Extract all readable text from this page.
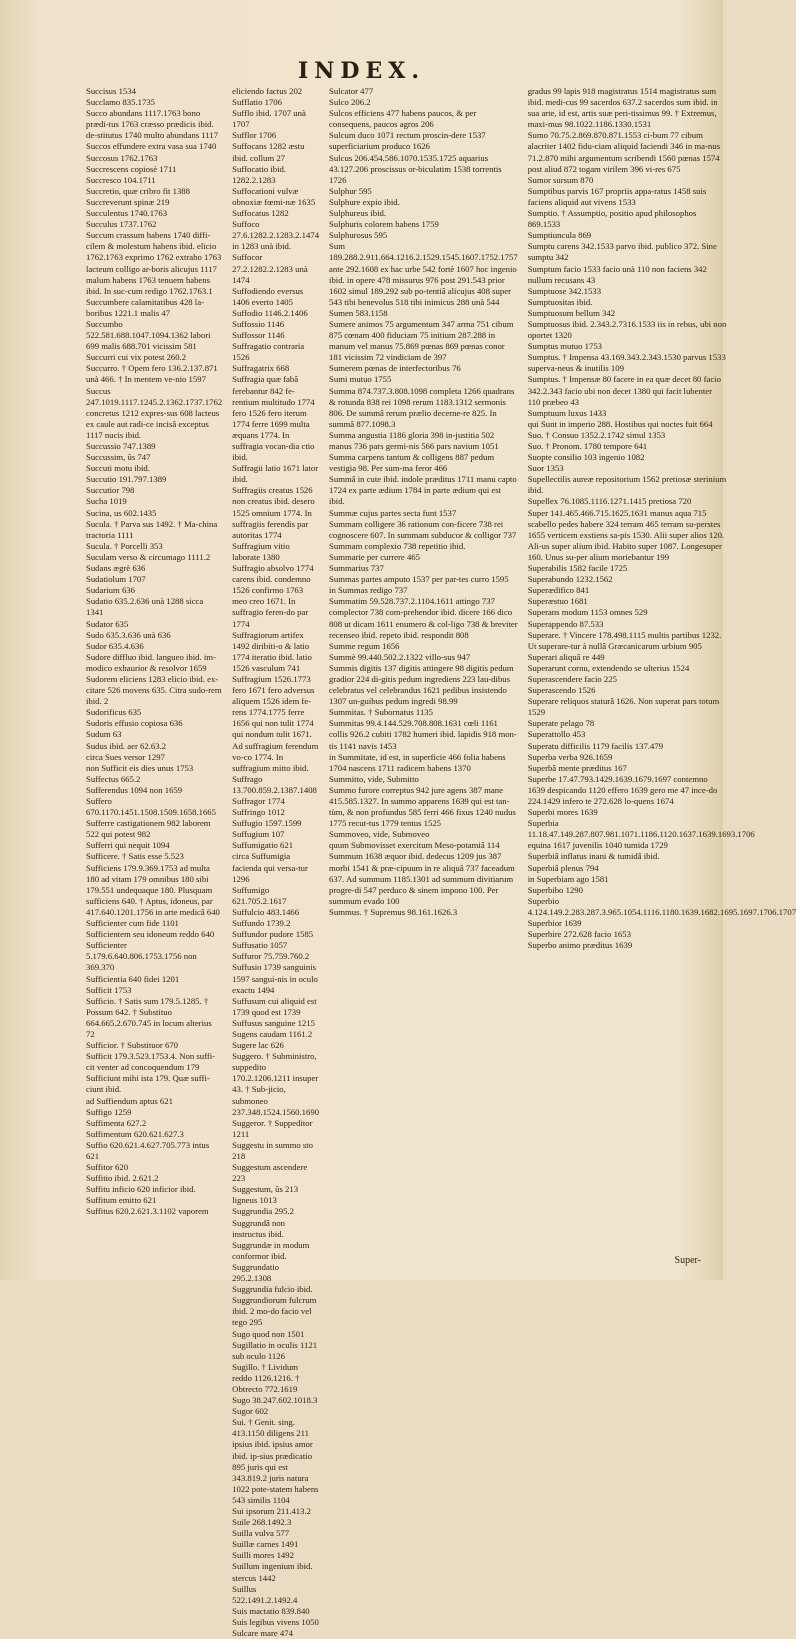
INDEX.

Succisus 1534

Succlamo 835.1735

Succo abundans 1117.1763 bono prædi-tus 1763 cræsso prædicis ibid. de-stitutus 1740 multo abundans 1117

Succos effundere extra vasa sua 1740

Succosus 1762.1763

Succrescens copiosè 1711

Succresco 104.1711

Succretio, quæ cribro fit 1388

Succreverunt spinæ 219

Succulentus 1740.1763

Succulus 1737.1762

Succum crassum habens 1740 diffi-cilem & molestum habens ibid. elicio 1762.1763 exprimo 1762 extraho 1763 lacteum colligo ar-boris alicujus 1117 malum habens 1763 tenuem habens ibid. In suc-cum redigo 1762.1763.1

Succumbere calamitatibus 428 la-boribus 1221.1 malis 47

Succumbo 522.581.688.1047.1094.1362 labori 699 malis 688.701 vicissim 581

Succurri cui vix potest 260.2

Succurro. † Opem fero 136.2.137.871 unà 466. † In mentem ve-nio 1597

Succus 247.1019.1117.1245.2.1362.1737.1762 concretus 1212 expres-sus 608 lacteus ex caule aut radi-ce incisâ exceptus 1117 nucis ibid.

Succussio 747.1389

Succussim, ûs 747

Succuti motu ibid.

Succutio 191.797.1389

Succutior 798

Sucha 1019

Sucina, us 602.1435

Sucula. † Parva sus 1492. † Ma-china tractoria 1111

Sucula. † Porcelli 353

Suculam verso & circumago 1111.2

Sudans ægrè 636

Sudatiolum 1707

Sudarium 636

Sudatio 635.2.636 unà 1288 sicca 1341

Sudator 635

Sudo 635.3.636 unà 636

Sudor 635.4.636

Sudore diffluo ibid. langueo ibid. im-modico exhaurior & resolvor 1659

Sudorem eliciens 1283 elicio ibid. ex-citare 526 movens 635. Citra sudo-rem ibid. 2

Sudorificus 635

Sudoris effusio copiosa 636

Sudum 63

Sudus ibid. aer 62.63.2

circa Sues versor 1297

non Sufficit eis dies unus 1753

Suffectus 665.2

Sufferendus 1094 non 1659

Suffero 670.1170.1451.1508.1509.1658.1665

Sufferre castigationem 982 laborem 522 qui potest 982

Sufferri qui nequit 1094

Sufficere. † Satis esse 5.523

Sufficiens 179.9.369.1753 ad multa 180 ad vitam 179 omnibus 180 sibi 179.551 undequaque 180. Plusquam sufficiens 640. † Aptus, idoneus, par 417.640.1201.1756 in arte medicâ 640

Sufficienter cum fide 1101

Sufficientem seu idoneum reddo 640

Sufficienter 5.179.6.640.806.1753.1756 non 369.370

Sufficientia 640 fidei 1201

Sufficit 1753

Sufficio. † Satis sum 179.5.1285. † Possum 642. † Substituo 664.665.2.670.745 in locum alterius 72

Sufficior. † Substituor 670

Sufficit 179.3.523.1753.4. Non suffi-cit venter ad concoquendum 179

Sufficiunt mihi ista 179. Quæ suffi-ciunt ibid.

ad Suffiendum aptus 621

Suffigo 1259

Suffimenta 627.2

Suffimentum 620.621.627.3

Suffio 620.621.4.627.705.773 intus 621

Suffitor 620

Suffitio ibid. 2.621.2

Suffitu inficio 620 inficior ibid.

Suffitum emitto 621

Suffitus 620.2.621.3.1102 vaporem

eliciendo factus 202

Sufflatio 1706

Sufflo ibid. 1707 unà 1707

Sufflor 1706

Suffocans 1282 æstu ibid. collum 27

Suffocatio ibid. 1282.2.1283

Suffocationi vulvæ obnoxiæ fœmi-næ 1635

Suffocatus 1282

Suffoco 27.6.1282.2.1283.2.1474 in 1283 unà ibid.

Suffocor 27.2.1282.2.1283 unà 1474

Suffodiendo eversus 1406 everto 1405

Suffodio 1146.2.1406

Suffossio 1146

Suffossor 1146

Suffragatio contraria 1526

Suffragatrix 668

Suffragia quæ fabâ ferebantur 842 fe-rentium multitudo 1774 fero 1526 fero iterum 1774 ferre 1699 multa æquans 1774. In suffragia vocan-dia ctio ibid.

Suffragii latio 1671 lator ibid.

Suffragiis creatus 1526 non creatus ibid. desero 1525 omnium 1774. In suffragiis ferendis par autoritas 1774

Suffragium vitio laborate 1380

Suffragio absolvo 1774 carens ibid. condemno 1526 confirmo 1763 meo creo 1671. In suffragio feren-do par 1774

Suffragiorum artifex 1492 diribiti-o & latio 1774 iteratio ibid. latio 1526 vasculum 741

Suffragium 1526.1773 fero 1671 fero adversus aliquem 1526 idem fe-rens 1774.1775 ferre 1656 qui non tulit 1774 qui nondum tulit 1671. Ad suffragium ferendum vo-co 1774. In suffragium mitto ibid.

Suffrago 13.700.859.2.1387.1408

Suffragor 1774

Suffringo 1012

Suffugio 1597.1599

Suffugium 107

Suffumigatio 621

circa Suffumigia facienda qui versa-tur 1296

Suffumigo 621.705.2.1617

Suffulcio 483.1466

Suffundo 1739.2

Suffundor pudore 1585

Suffusatio 1057

Suffuror 75.759.760.2

Suffusio 1739 sanguinis 1597 sangui-nis in oculo exactu 1494

Suffusum cui aliquid est 1739 quod est 1739

Suffusus sanguine 1215

Sugens caudam 1161.2

Sugere lac 626

Suggero. † Subministro, suppedito 170.2.1206.1211 insuper 43. † Sub-jicio, submoneo 237.348.1524.1560.1690

Suggeror. † Suppeditor 1211

Suggestu in summo sto 218

Suggestum ascendere 223

Suggestum, ûs 213 ligneus 1013

Suggrundia 295.2

Suggrundâ non instructus ibid.

Suggrundæ in modum conformor ibid.

Suggrundatio 295.2.1308

Suggrundia fulcio ibid.

Suggrundiorum fulcrum ibid. 2 mo-do facio vel tego 295

Sugo quod non 1501

Sugillatio in oculis 1121 sub oculo 1126

Sugillo. † Lividum reddo 1126.1216. † Obtrecto 772.1619

Sugo 38.247.602.1018.3

Sugor 602

Sui. † Genit. sing. 413.1150 diligens 211 ipsius ibid. ipsius amor ibid. ip-sius prædicatio 895 juris qui est 343.819.2 juris natura 1022 pote-statem habens 543 similis 1104

Sui ipsorum 211.413.2

Suile 268.1492.3

Suilla vulva 577

Suillæ carnes 1491

Suilli mores 1492

Suillum ingenium ibid. stercus 1442

Suillus 522.1491.2.1492.4

Suis mactatio 839.840

Suis legibus vivens 1050

Sulcare mare 474

Sulcator 477

Sulco 206.2

Sulcos efficiens 477 habens paucos, & per consequens, paucos agros 206

Sulcum duco 1071 rectum proscin-dere 1537 superficiarium produco 1626

Sulcus 206.454.586.1070.1535.1725 aquarius 43.127.206 proscissus or-biculatim 1538 torrentis 1726

Sulphur 595

Sulphure expio ibid.

Sulphureus ibid.

Sulphuris colorem habens 1759

Sulphurosus 595

Sum 189.288.2.911.664.1216.2.1529.1545.1607.1752.1757 ante 292.1608 ex hac urbe 542 fortè 1607 hoc ingenio ibid. in opere 478 missurus 976 post 291.543 prior 1602 simul 189.292 sub po-tentiâ alicujus 408 super 543 tibi benevolus 518 tibi inimicus 288 unà 544

Sumen 583.1158

Sumere animos 75 argumentum 347 arma 751 cibum 875 cœnam 400 fiduciam 75 initium 287.288 in manum vel manus 75.869 pœnas 869 pœnas conor 181 vicissim 72 vindiciam de 397

Sumerem pœnas de interfectoribus 76

Sumi mutuo 1755

Summa 874.737.3.808.1098 completa 1266 quadrans & rotunda 838 rei 1098 rerum 1183.1312 sermonis 806. De summâ rerum prælio decerne-re 825. In summâ 877.1098.3

Summa angustia 1186 gloria 398 in-justitia 502 manus 736 pars germi-nis 566 pars navium 1051

Summa carpens tantum & colligens 887 pedum vestigia 98. Per sum-ma feror 466

Summâ in cute ibid. indole præditus 1711 manu capto 1724 ex parte ædium 1784 in parte ædium qui est ibid.

Summæ cujus partes secta funt 1537

Summam colligere 36 rationum con-ficere 738 rei cognoscere 607. In summam subducor & colligor 737

Summam complexio 738 repetitio ibid.

Summarie per currere 465

Summarius 737

Summas partes amputo 1537 per par-tes curro 1595

in Summas redigo 737

Summatim 59.528.737.2.1104.1611 attingo 737 complector 738 com-prehendor ibid. dicere 166 dico 808 ut dicam 1611 enumero & col-ligo 738 & breviter recenseo ibid. repeto ibid. respondit 808

Summe regum 1656

Summè 99.440.502.2.1322 villo-sus 947

Summis digitis 137 digitis attingere 98 digitis pedum gradior 224 di-gitis pedum ingrediens 223 lau-dibus celebratus vel celebrandus 1621 pedibus insistendo 1307 un-guibus pedum ingredi 98.99

Summitas. † Subornatus 1135

Summitas 99.4.144.529.708.808.1631 cœli 1161 collis 926.2 cubiti 1782 humeri ibid. lapidis 918 mon-tis 1141 navis 1453

in Summitate, id est, in superficie 466 folia habens 1704 nascens 1711 radicem habens 1370

Summitto, vide, Submitto

Summo furore correptus 942 jure agens 387 mane 415.585.1327. In summo apparens 1639 qui est tan-tùm, & non profundus 585 ferri 466 fixus 1240 nudus 1775 recut-tus 1779 tentus 1525

Summoveo, vide, Submoveo

quum Submovisset exercitum Meso-potamiâ 114

Summum 1638 æquor ibid. dedecus 1209 jus 387 morbi 1541 & præ-cipuum in re aliquâ 737 faceadum 637. Ad summum 1185.1301 ad summum divitiarum progre-di 547 perduco & sinem impono 100. Per summum evado 100

Summus. † Supremus 98.161.1626.3

gradus 99 lapis 918 magistratus 1514 magistratus sum ibid. medi-cus 99 sacerdos 637.2 sacerdos sum ibid. in sua arte, id est, artis suæ peri-tissimus 99. † Extremus, maxi-mus 98.1022.1186.1330.1531

Sumo 70.75.2.869.870.871.1553 ci-bum 77 cibum alacriter 1402 fidu-ciam aliquid faciendi 346 in ma-nus 71.2.870 mihi argumentum scribendi 1560 pœnas 1574 post aliud 872 togam virilem 396 vi-res 675

Sumor sursum 870

Sumptibus parvis 167 propriis appa-ratus 1458 suis faciens aliquid aut vivens 1533

Sumptio. † Assumptio, positio apud philosophos 869.1533

Sumptiuncula 869

Sumptu carens 342.1533 parvo ibid. publico 372. Sine sumptu 342

Sumptum facio 1533 facio unà 110 non faciens 342 nullum recusans 43

Sumptuose 342.1533

Sumptuositas ibid.

Sumptuosum bellum 342

Sumptuosus ibid. 2.343.2.7316.1533 iis in rebus, ubi non oportet 1320

Sumptus mutuo 1753

Sumptus. † Impensa 43.169.343.2.343.1530 parvus 1533 superva-neus & inutilis 109

Sumptus. † Impensæ 80 facere in ea quæ decet 80 facio 342.2.343 facio ubi non decet 1380 qui facit lubenter 110 præbeo 43

Sumptuum luxus 1433

qui Sunt in imperio 288. Hostibus qui noctes fuit 664

Suo. † Consuo 1352.2.1742 simul 1353

Suo. † Pronom. 1780 tempore 641

Suopte consilio 103 ingenio 1082

Suor 1353

Supellectilis aureæ repositorium 1562 pretiosæ sterinium ibid.

Supellex 76.1085.1116.1271.1415 pretiosa 720

Super 141.465.466.715.1625.1631 manus aqua 715 scabello pedes habere 324 terram 465 terram su-perstes 1655 verticem exstiens sa-pis 1530. Alii super alios 120. Ali-us super alium ibid. Habito super 1087. Longesuper 160. Unus su-per alium moriebantur 199

Superabilis 1582 facile 1725

Superabundo 1232.1562

Superædifico 841

Superæstuo 1681

Superans modum 1153 omnes 529

Superappendo 87.533

Superare. † Vincere 178.498.1115 multis partibus 1232. Ut superare-tur à nullâ Græcanicarum urbium 905

Superari aliquâ re 449

Superarunt cornu, extendendo se ulterius 1524

Superascendere facio 225

Superascendo 1526

Superare reliquos staturâ 1626. Non superat pars totum 1529

Superate pelago 78

Superattollo 453

Superatu difficilis 1179 facilis 137.479

Superba verba 926.1659

Superbâ mente præditus 167

Superbe 17.47.793.1429.1639.1679.1697 contemno 1639 despicando 1120 effero 1639 gero me 47 ince-do 224.1429 infero te 272.628 lo-quens 1674

Superbi mores 1639

Superbia 11.18.47.149.287.807.981.1071.1186.1120.1637.1639.1693.1706 equina 1617 juvenilis 1040 tumida 1729

Superbiâ inflatus inani & tumidâ ibid.

Superbiâ plenus 794

in Superbiam ago 1581

Superbibo 1290

Superbio 4.124.149.2.283.287.3.965.1054.1116.1180.1639.1682.1695.1697.1706.1707

Superbior 1639

Superbire 272.628 facio 1653

Superbo animo præditus 1639

Super-
